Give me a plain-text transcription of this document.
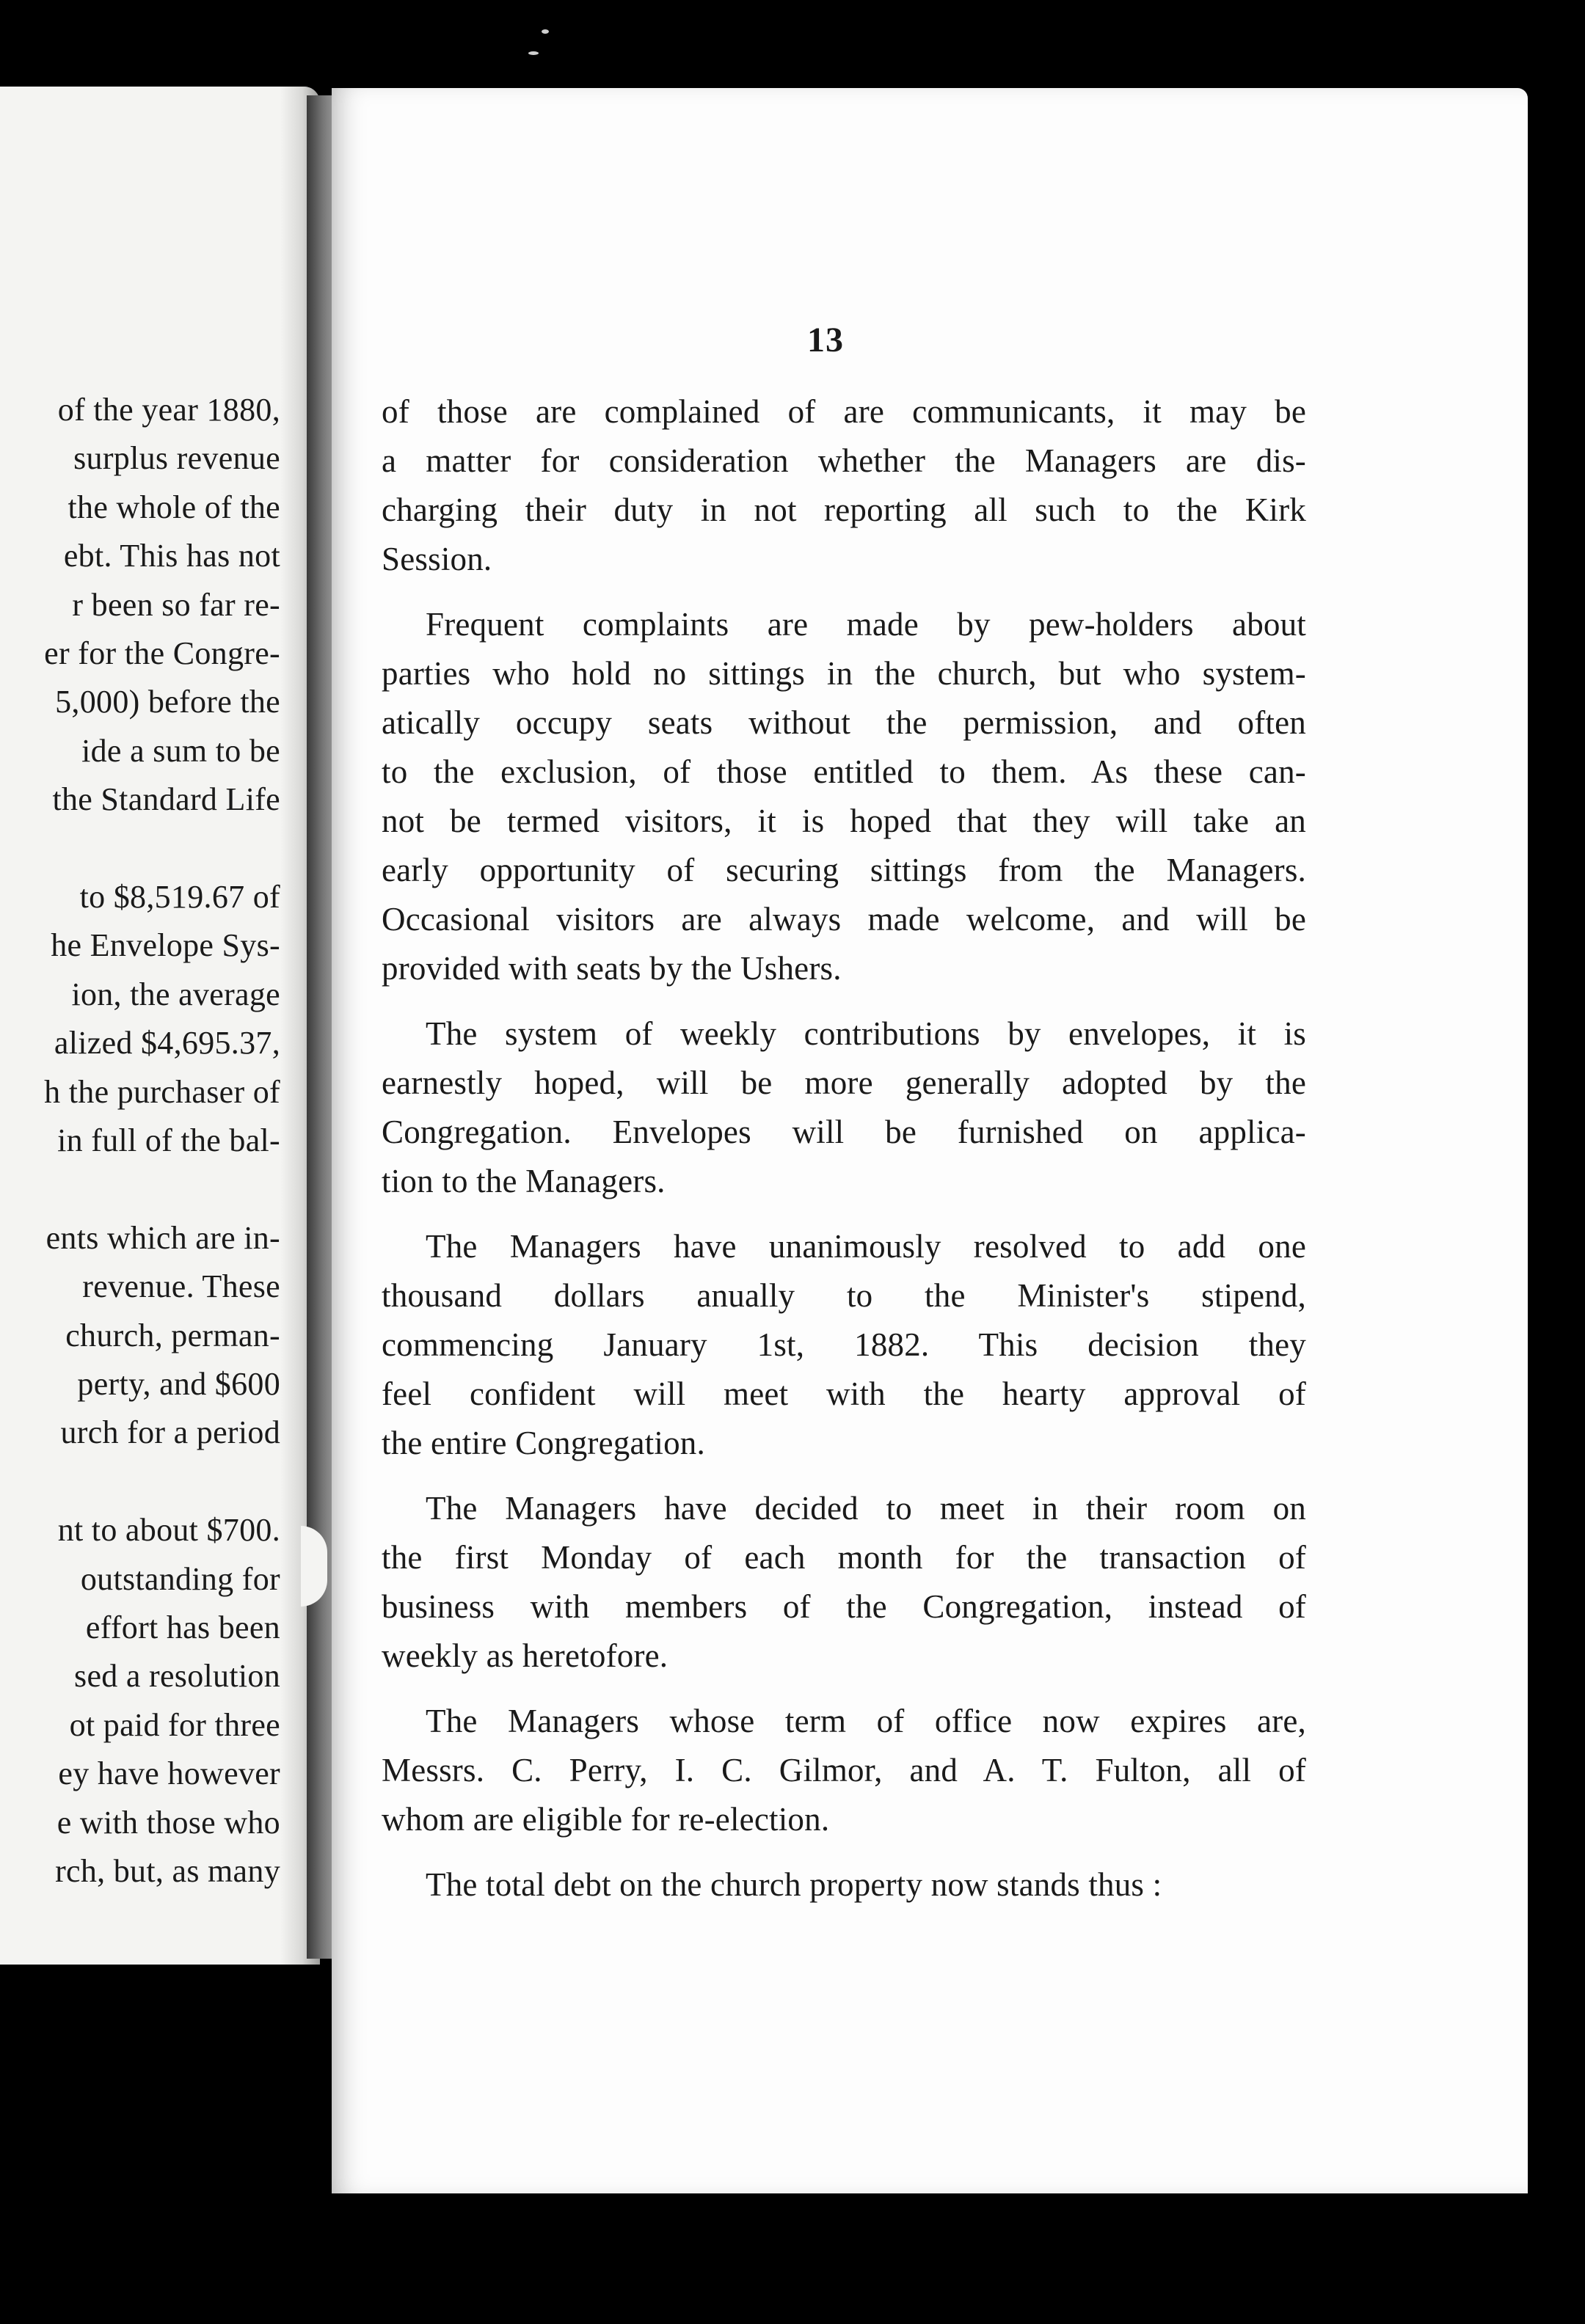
of the year 1880,
surplus revenue
the whole of the
ebt. This has not
r been so far re-
er for the Congre-
5,000) before the
ide a sum to be
the Standard Life
to $8,519.67 of
he Envelope Sys-
ion, the average
alized $4,695.37,
h the purchaser of
in full of the bal-
ents which are in-
revenue. These
church, perman-
perty, and $600
urch for a period
nt to about $700.
outstanding for
effort has been
sed a resolution
ot paid for three
ey have however
e with those who
rch, but, as many
13
of those are complained of are communicants, it may be
a matter for consideration whether the Managers are dis-
charging their duty in not reporting all such to the Kirk
Session.
Frequent complaints are made by pew-holders about
parties who hold no sittings in the church, but who system-
atically occupy seats without the permission, and often
to the exclusion, of those entitled to them. As these can-
not be termed visitors, it is hoped that they will take an
early opportunity of securing sittings from the Managers.
Occasional visitors are always made welcome, and will be
provided with seats by the Ushers.
The system of weekly contributions by envelopes, it is
earnestly hoped, will be more generally adopted by the
Congregation. Envelopes will be furnished on applica-
tion to the Managers.
The Managers have unanimously resolved to add one
thousand dollars anually to the Minister's stipend,
commencing January 1st, 1882. This decision they
feel confident will meet with the hearty approval of
the entire Congregation.
The Managers have decided to meet in their room on
the first Monday of each month for the transaction of
business with members of the Congregation, instead of
weekly as heretofore.
The Managers whose term of office now expires are,
Messrs. C. Perry, I. C. Gilmor, and A. T. Fulton, all of
whom are eligible for re-election.
The total debt on the church property now stands thus :
